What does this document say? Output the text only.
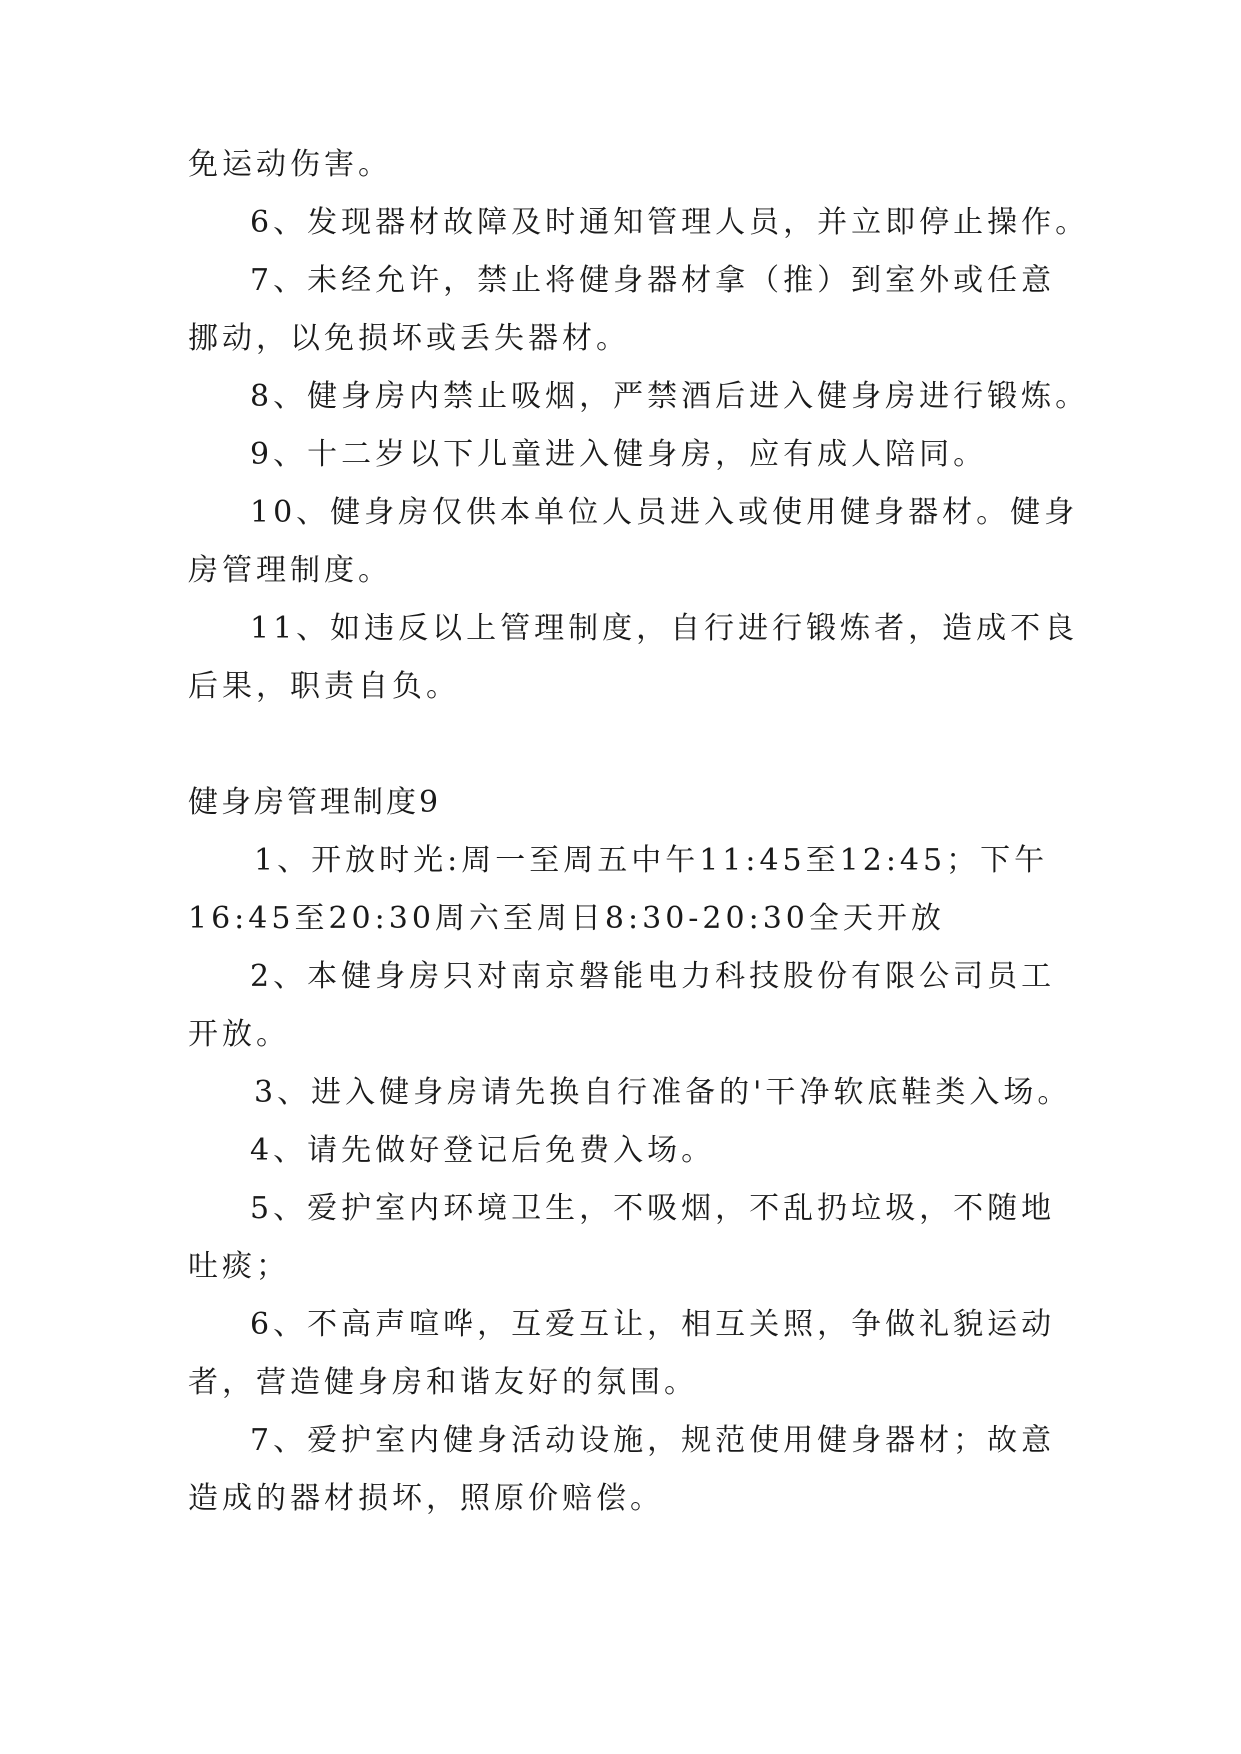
免运动伤害。
6、发现器材故障及时通知管理人员，并立即停止操作。
7、未经允许，禁止将健身器材拿（推）到室外或任意
挪动，以免损坏或丢失器材。
8、健身房内禁止吸烟，严禁酒后进入健身房进行锻炼。
9、十二岁以下儿童进入健身房，应有成人陪同。
10、健身房仅供本单位人员进入或使用健身器材。健身
房管理制度。
11、如违反以上管理制度，自行进行锻炼者，造成不良
后果，职责自负。
健身房管理制度9
1、开放时光:周一至周五中午11:45至12:45；下午
16:45至20:30周六至周日8:30-20:30全天开放
2、本健身房只对南京磐能电力科技股份有限公司员工
开放。
3、进入健身房请先换自行准备的'干净软底鞋类入场。
4、请先做好登记后免费入场。
5、爱护室内环境卫生，不吸烟，不乱扔垃圾，不随地
吐痰；
6、不高声喧哗，互爱互让，相互关照，争做礼貌运动
者，营造健身房和谐友好的氛围。
7、爱护室内健身活动设施，规范使用健身器材；故意
造成的器材损坏，照原价赔偿。
